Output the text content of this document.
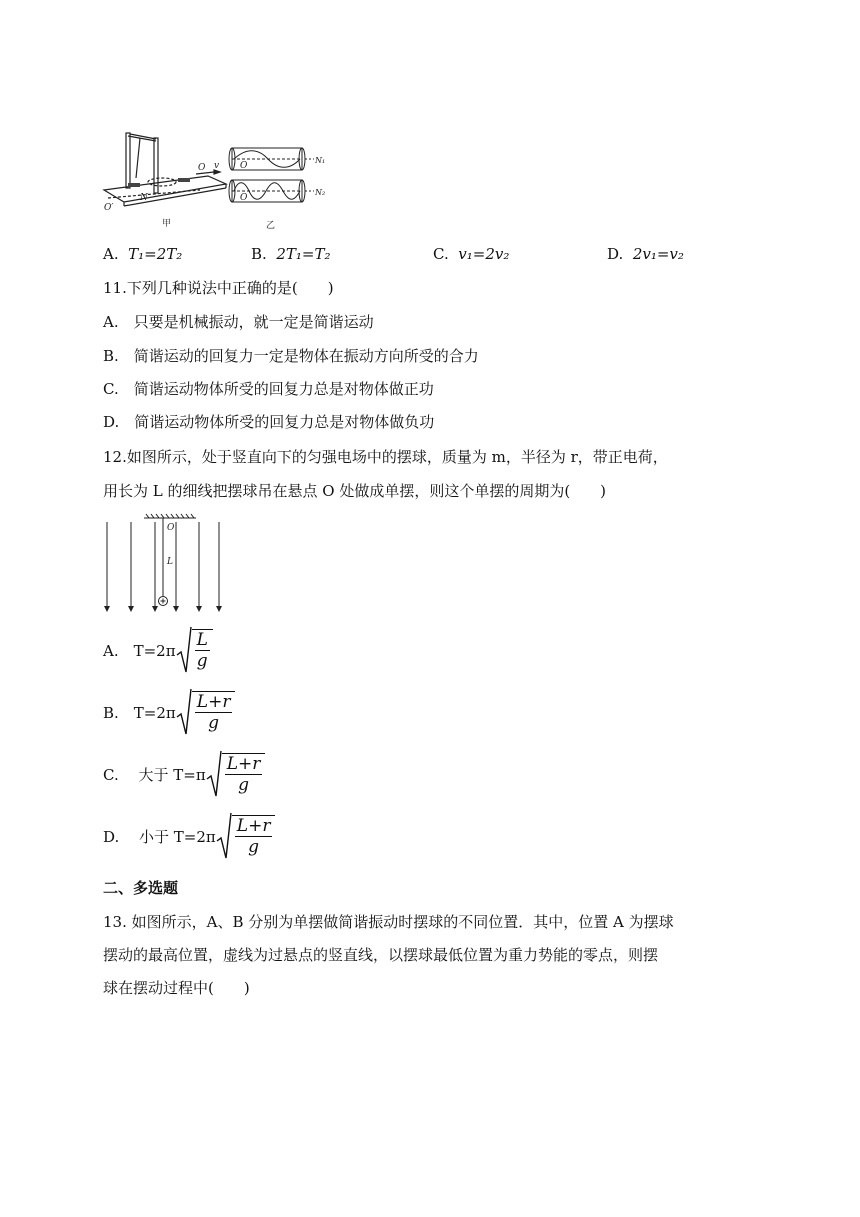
O v
N
O′
甲
O
O
N₁
N₂
乙
A. T₁=2T₂	B. 2T₁=T₂	C. v₁=2v₂	D. 2v₁=v₂
11.下列几种说法中正确的是(　　)
A.　只要是机械振动，就一定是简谐运动
B.　简谐运动的回复力一定是物体在振动方向所受的合力
C.　简谐运动物体所受的回复力总是对物体做正功
D.　简谐运动物体所受的回复力总是对物体做负功
12.如图所示，处于竖直向下的匀强电场中的摆球，质量为 m，半径为 r，带正电荷，
用长为 L 的细线把摆球吊在悬点 O 处做成单摆，则这个单摆的周期为(　　)
O
L
A.　$T=2\pi \frac{L}{g}$
B.　$T=2\pi \frac{L+r}{g}$
C.　 大于 $T=\pi \frac{L+r}{g}$
D.　 小于 $T=2\pi \frac{L+r}{g}$
二、多选题
13. 如图所示，A、B 分别为单摆做简谐振动时摆球的不同位置．其中，位置 A 为摆球
摆动的最高位置，虚线为过悬点的竖直线，以摆球最低位置为重力势能的零点，则摆
球在摆动过程中(　　)
